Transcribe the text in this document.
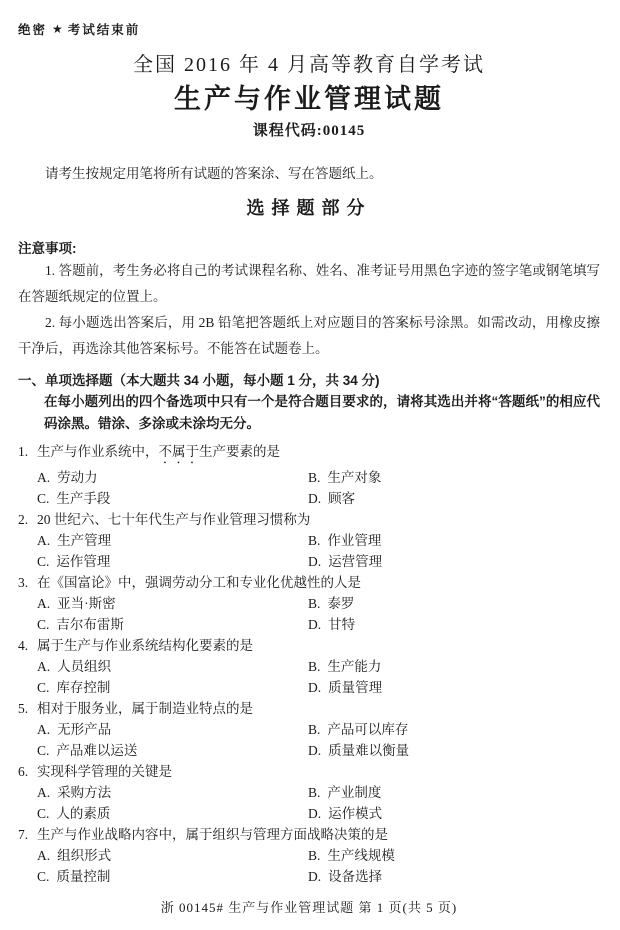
绝密 ★ 考试结束前
全国 2016 年 4 月高等教育自学考试
生产与作业管理试题
课程代码:00145
请考生按规定用笔将所有试题的答案涂、写在答题纸上。
选择题部分
注意事项:
1. 答题前，考生务必将自己的考试课程名称、姓名、准考证号用黑色字迹的签字笔或钢笔填写在答题纸规定的位置上。
2. 每小题选出答案后，用 2B 铅笔把答题纸上对应题目的答案标号涂黑。如需改动，用橡皮擦干净后，再选涂其他答案标号。不能答在试题卷上。
一、单项选择题（本大题共 34 小题，每小题 1 分，共 34 分)
在每小题列出的四个备选项中只有一个是符合题目要求的，请将其选出并将“答题纸”的相应代码涂黑。错涂、多涂或未涂均无分。
1. 生产与作业系统中，不属于生产要素的是
A. 劳动力	B. 生产对象
C. 生产手段	D. 顾客
2. 20 世纪六、七十年代生产与作业管理习惯称为
A. 生产管理	B. 作业管理
C. 运作管理	D. 运营管理
3. 在《国富论》中，强调劳动分工和专业化优越性的人是
A. 亚当·斯密	B. 泰罗
C. 吉尔布雷斯	D. 甘特
4. 属于生产与作业系统结构化要素的是
A. 人员组织	B. 生产能力
C. 库存控制	D. 质量管理
5. 相对于服务业，属于制造业特点的是
A. 无形产品	B. 产品可以库存
C. 产品难以运送	D. 质量难以衡量
6. 实现科学管理的关键是
A. 采购方法	B. 产业制度
C. 人的素质	D. 运作模式
7. 生产与作业战略内容中，属于组织与管理方面战略决策的是
A. 组织形式	B. 生产线规模
C. 质量控制	D. 设备选择
浙 00145# 生产与作业管理试题 第 1 页(共 5 页)
